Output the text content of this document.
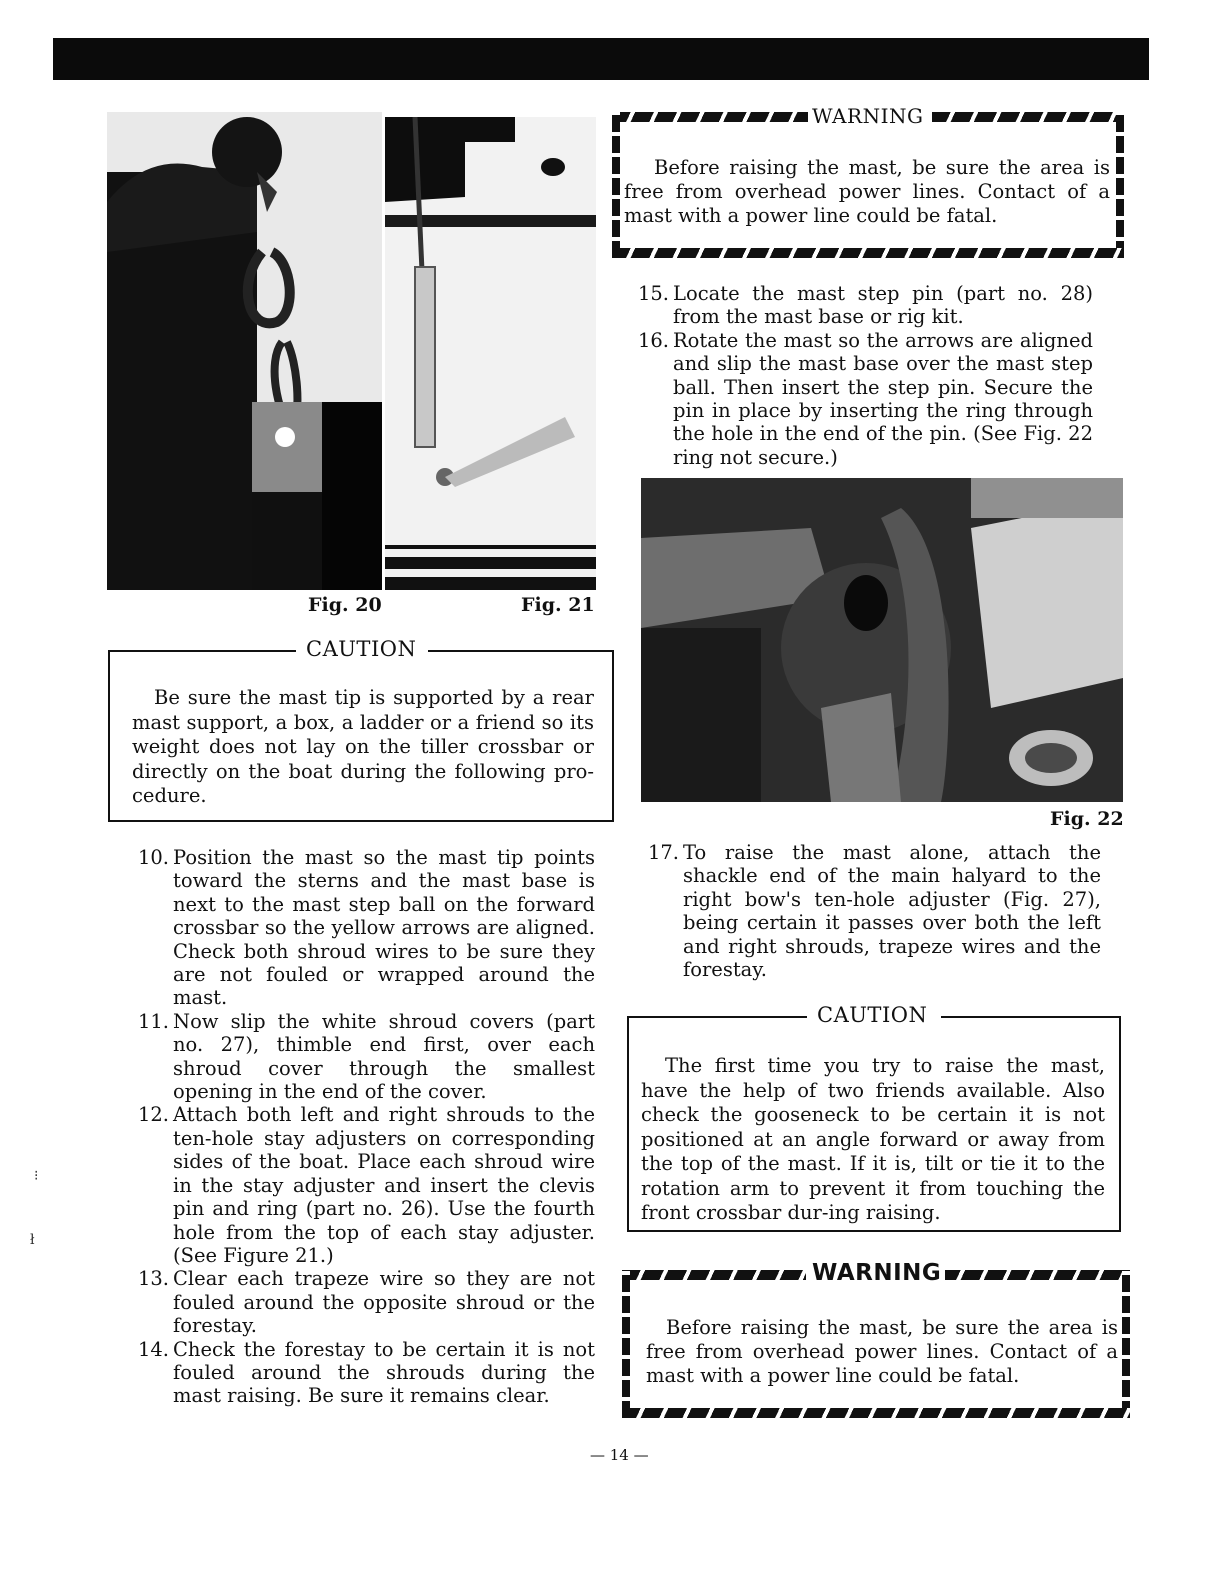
Fig. 20	Fig. 21
WARNING
Before raising the mast, be sure the area is free from overhead power lines. Contact of a mast with a power line could be fatal.
15. Locate the mast step pin (part no. 28) from the mast base or rig kit.
16. Rotate the mast so the arrows are aligned and slip the mast base over the mast step ball. Then insert the step pin. Secure the pin in place by inserting the ring through the hole in the end of the pin. (See Fig. 22 ring not secure.)
Fig. 22
CAUTION
Be sure the mast tip is supported by a rear mast support, a box, a ladder or a friend so its weight does not lay on the tiller crossbar or directly on the boat during the following pro-cedure.
10. Position the mast so the mast tip points toward the sterns and the mast base is next to the mast step ball on the forward crossbar so the yellow arrows are aligned. Check both shroud wires to be sure they are not fouled or wrapped around the mast.
11. Now slip the white shroud covers (part no. 27), thimble end first, over each shroud cover through the smallest opening in the end of the cover.
12. Attach both left and right shrouds to the ten-hole stay adjusters on corresponding sides of the boat. Place each shroud wire in the stay adjuster and insert the clevis pin and ring (part no. 26). Use the fourth hole from the top of each stay adjuster. (See Figure 21.)
13. Clear each trapeze wire so they are not fouled around the opposite shroud or the forestay.
14. Check the forestay to be certain it is not fouled around the shrouds during the mast raising. Be sure it remains clear.
17. To raise the mast alone, attach the shackle end of the main halyard to the right bow's ten-hole adjuster (Fig. 27), being certain it passes over both the left and right shrouds, trapeze wires and the forestay.
CAUTION
The first time you try to raise the mast, have the help of two friends available. Also check the gooseneck to be certain it is not positioned at an angle forward or away from the top of the mast. If it is, tilt or tie it to the rotation arm to prevent it from touching the front crossbar dur-ing raising.
WARNING
Before raising the mast, be sure the area is free from overhead power lines. Contact of a mast with a power line could be fatal.
— 14 —
⁝
ł
